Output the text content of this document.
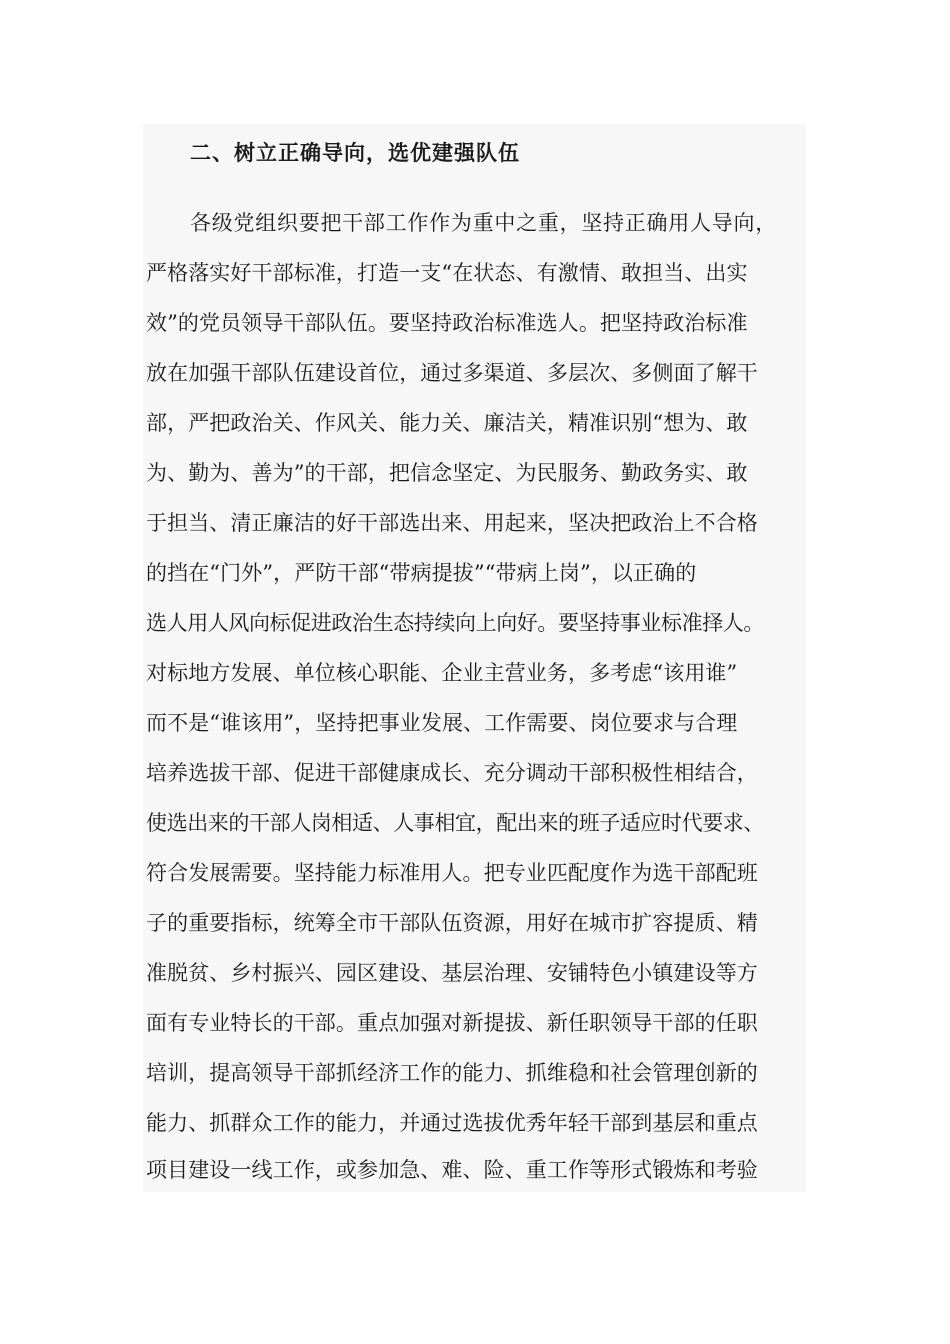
二、树立正确导向，选优建强队伍
各级党组织要把干部工作作为重中之重，坚持正确用人导向，
严格落实好干部标准，打造一支“在状态、有激情、敢担当、出实
效”的党员领导干部队伍。要坚持政治标准选人。把坚持政治标准
放在加强干部队伍建设首位，通过多渠道、多层次、多侧面了解干
部，严把政治关、作风关、能力关、廉洁关，精准识别“想为、敢
为、勤为、善为”的干部，把信念坚定、为民服务、勤政务实、敢
于担当、清正廉洁的好干部选出来、用起来，坚决把政治上不合格
的挡在“门外”，严防干部“带病提拔”“带病上岗”，以正确的
选人用人风向标促进政治生态持续向上向好。要坚持事业标准择人。
对标地方发展、单位核心职能、企业主营业务，多考虑“该用谁”
而不是“谁该用”，坚持把事业发展、工作需要、岗位要求与合理
培养选拔干部、促进干部健康成长、充分调动干部积极性相结合，
使选出来的干部人岗相适、人事相宜，配出来的班子适应时代要求、
符合发展需要。坚持能力标准用人。把专业匹配度作为选干部配班
子的重要指标，统筹全市干部队伍资源，用好在城市扩容提质、精
准脱贫、乡村振兴、园区建设、基层治理、安铺特色小镇建设等方
面有专业特长的干部。重点加强对新提拔、新任职领导干部的任职
培训，提高领导干部抓经济工作的能力、抓维稳和社会管理创新的
能力、抓群众工作的能力，并通过选拔优秀年轻干部到基层和重点
项目建设一线工作，或参加急、难、险、重工作等形式锻炼和考验
